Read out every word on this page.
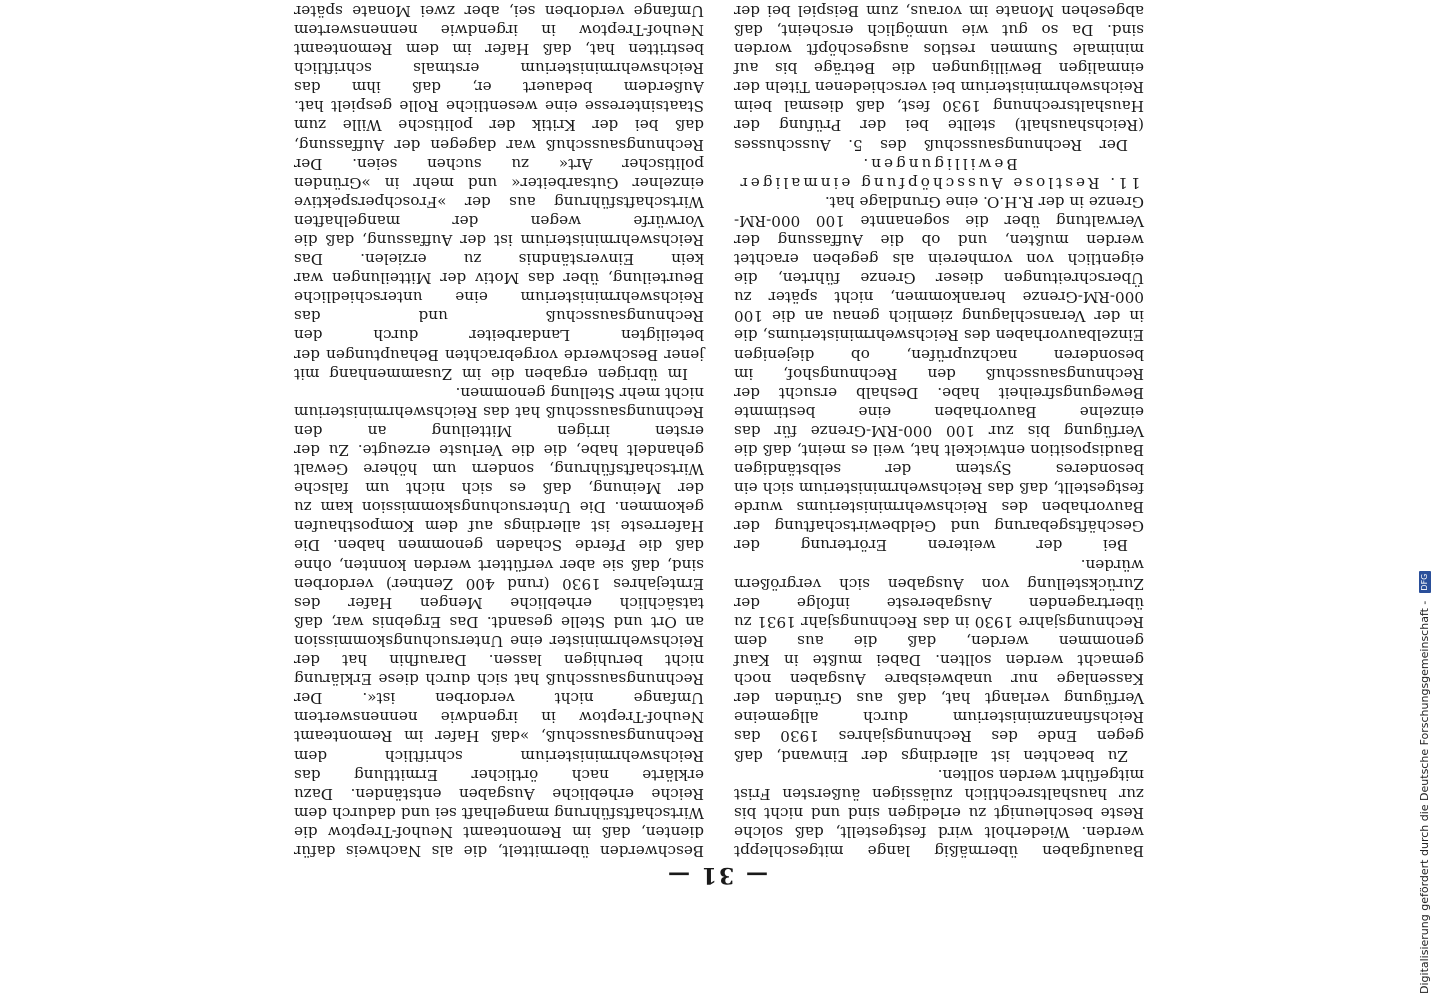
— 31 —

Bauaufgaben übermäßig lange mitgeschleppt werden. Wiederholt wird festgestellt, daß solche Reste beschleunigt zu erledigen sind und nicht bis zur haushaltsrechtlich zulässigen äußersten Frist mitgeführt werden sollten.

Zu beachten ist allerdings der Einwand, daß gegen Ende des Rechnungsjahres 1930 das Reichsfinanzministerium durch allgemeine Verfügung verlangt hat, daß aus Gründen der Kassenlage nur unabweisbare Ausgaben noch gemacht werden sollten. Dabei mußte in Kauf genommen werden, daß die aus dem Rechnungsjahre 1930 in das Rechnungsjahr 1931 zu übertragenden Ausgabereste infolge der Zurückstellung von Ausgaben sich vergrößern würden.

Bei der weiteren Erörterung der Geschäftsgebarung und Geldbewirtschaftung der Bauvorhaben des Reichswehrministeriums wurde festgestellt, daß das Reichswehrministerium sich ein besonderes System der selbständigen Baudisposition entwickelt hat, weil es meint, daß die Verfügung bis zur 100 000-RM-Grenze für das einzelne Bauvorhaben eine bestimmte Bewegungsfreiheit habe. Deshalb ersucht der Rechnungsausschuß den Rechnungshof, im besonderen nachzuprüfen, ob diejenigen Einzelbauvorhaben des Reichswehrministeriums, die in der Veranschlagung ziemlich genau an die 100 000-RM-Grenze herankommen, nicht später zu Überschreitungen dieser Grenze führten, die eigentlich von vornherein als gegeben erachtet werden mußten, und ob die Auffassung der Verwaltung über die sogenannte 100 000-RM-Grenze in der R.H.O. eine Grundlage hat.

11. Restlose Ausschöpfung einmaliger

Bewilligungen.

Der Rechnungsausschuß des 5. Ausschusses (Reichshaushalt) stellte bei der Prüfung der Haushaltsrechnung 1930 fest, daß diesmal beim Reichswehrministerium bei verschiedenen Titeln der einmaligen Bewilligungen die Beträge bis auf minimale Summen restlos ausgeschöpft worden sind. Da so gut wie unmöglich erscheint, daß abgesehen Monate im voraus, zum Beispiel bei der

Beschwerden übermittelt, die als Nachweis dafür dienten, daß im Remonteamt Neuhof-Treptow die Wirtschaftsführung mangelhaft sei und dadurch dem Reiche erhebliche Ausgaben entständen. Dazu erklärte nach örtlicher Ermittlung das Reichswehrministerium schriftlich dem Rechnungsausschuß, »daß Hafer im Remonteamt Neuhof-Treptow in irgendwie nennenswertem Umfange nicht verdorben ist«. Der Rechnungsausschuß hat sich durch diese Erklärung nicht beruhigen lassen. Daraufhin hat der Reichswehrminister eine Untersuchungskommission an Ort und Stelle gesandt. Das Ergebnis war, daß tatsächlich erhebliche Mengen Hafer des Erntejahres 1930 (rund 400 Zentner) verdorben sind, daß sie aber verfüttert werden konnten, ohne daß die Pferde Schaden genommen haben. Die Haferreste ist allerdings auf dem Komposthaufen gekommen. Die Untersuchungskommission kam zu der Meinung, daß es sich nicht um falsche Wirtschaftsführung, sondern um höhere Gewalt gehandelt habe, die die Verluste erzeugte. Zu der ersten irrigen Mitteilung an den Rechnungsausschuß hat das Reichswehrministerium nicht mehr Stellung genommen.

Im übrigen ergaben die im Zusammenhang mit jener Beschwerde vorgebrachten Behauptungen der beteiligten Landarbeiter durch den Rechnungsausschuß und das Reichswehrministerium eine unterschiedliche Beurteilung, über das Motiv der Mitteilungen war kein Einverständnis zu erzielen. Das Reichswehrministerium ist der Auffassung, daß die Vorwürfe wegen der mangelhaften Wirtschaftsführung aus der »Froschperspektive einzelner Gutsarbeiter« und mehr in »Gründen politischer Art« zu suchen seien. Der Rechnungsausschuß war dagegen der Auffassung, daß bei der Kritik der politische Wille zum Staatsinteresse eine wesentliche Rolle gespielt hat. Außerdem bedauert er, daß ihm das Reichswehrministerium erstmals schriftlich bestritten hat, daß Hafer im dem Remonteamt Neuhof-Treptow in irgendwie nennenswertem Umfange verdorben sei, aber zwei Monate später

Digitalisierung gefördert durch die Deutsche Forschungsgemeinschaft - DFG
